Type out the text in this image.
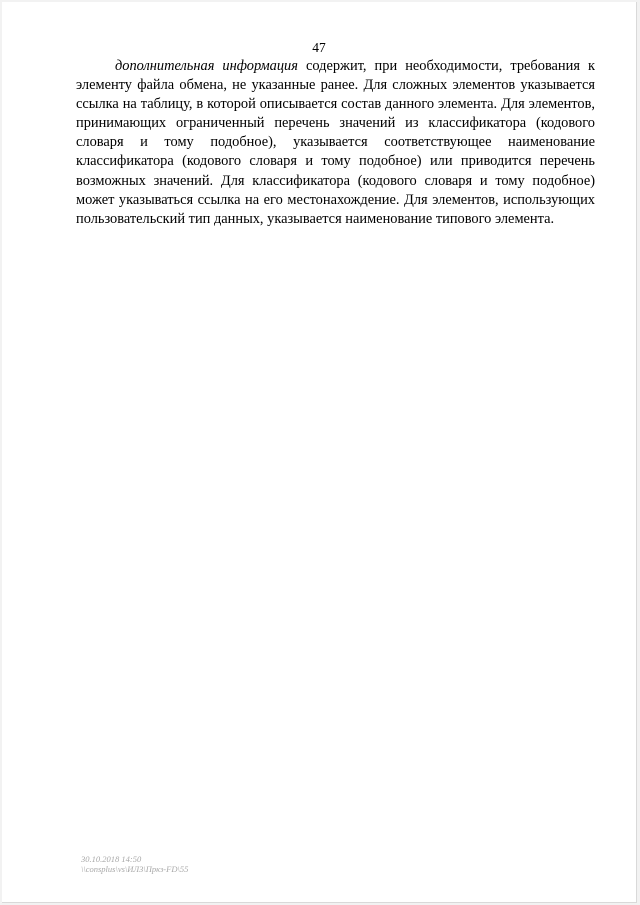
47

дополнительная информация содержит, при необходимости, требования к элементу файла обмена, не указанные ранее. Для сложных элементов указывается ссылка на таблицу, в которой описывается состав данного элемента. Для элементов, принимающих ограниченный перечень значений из классификатора (кодового словаря и тому подобное), указывается соответствующее наименование классификатора (кодового словаря и тому подобное) или приводится перечень возможных значений. Для классификатора (кодового словаря и тому подобное) может указываться ссылка на его местонахождение. Для элементов, использующих пользовательский тип данных, указывается наименование типового элемента.

30.10.2018 14:50
\\consplus\vs\ИЛЗ\Пркз-FD\55
